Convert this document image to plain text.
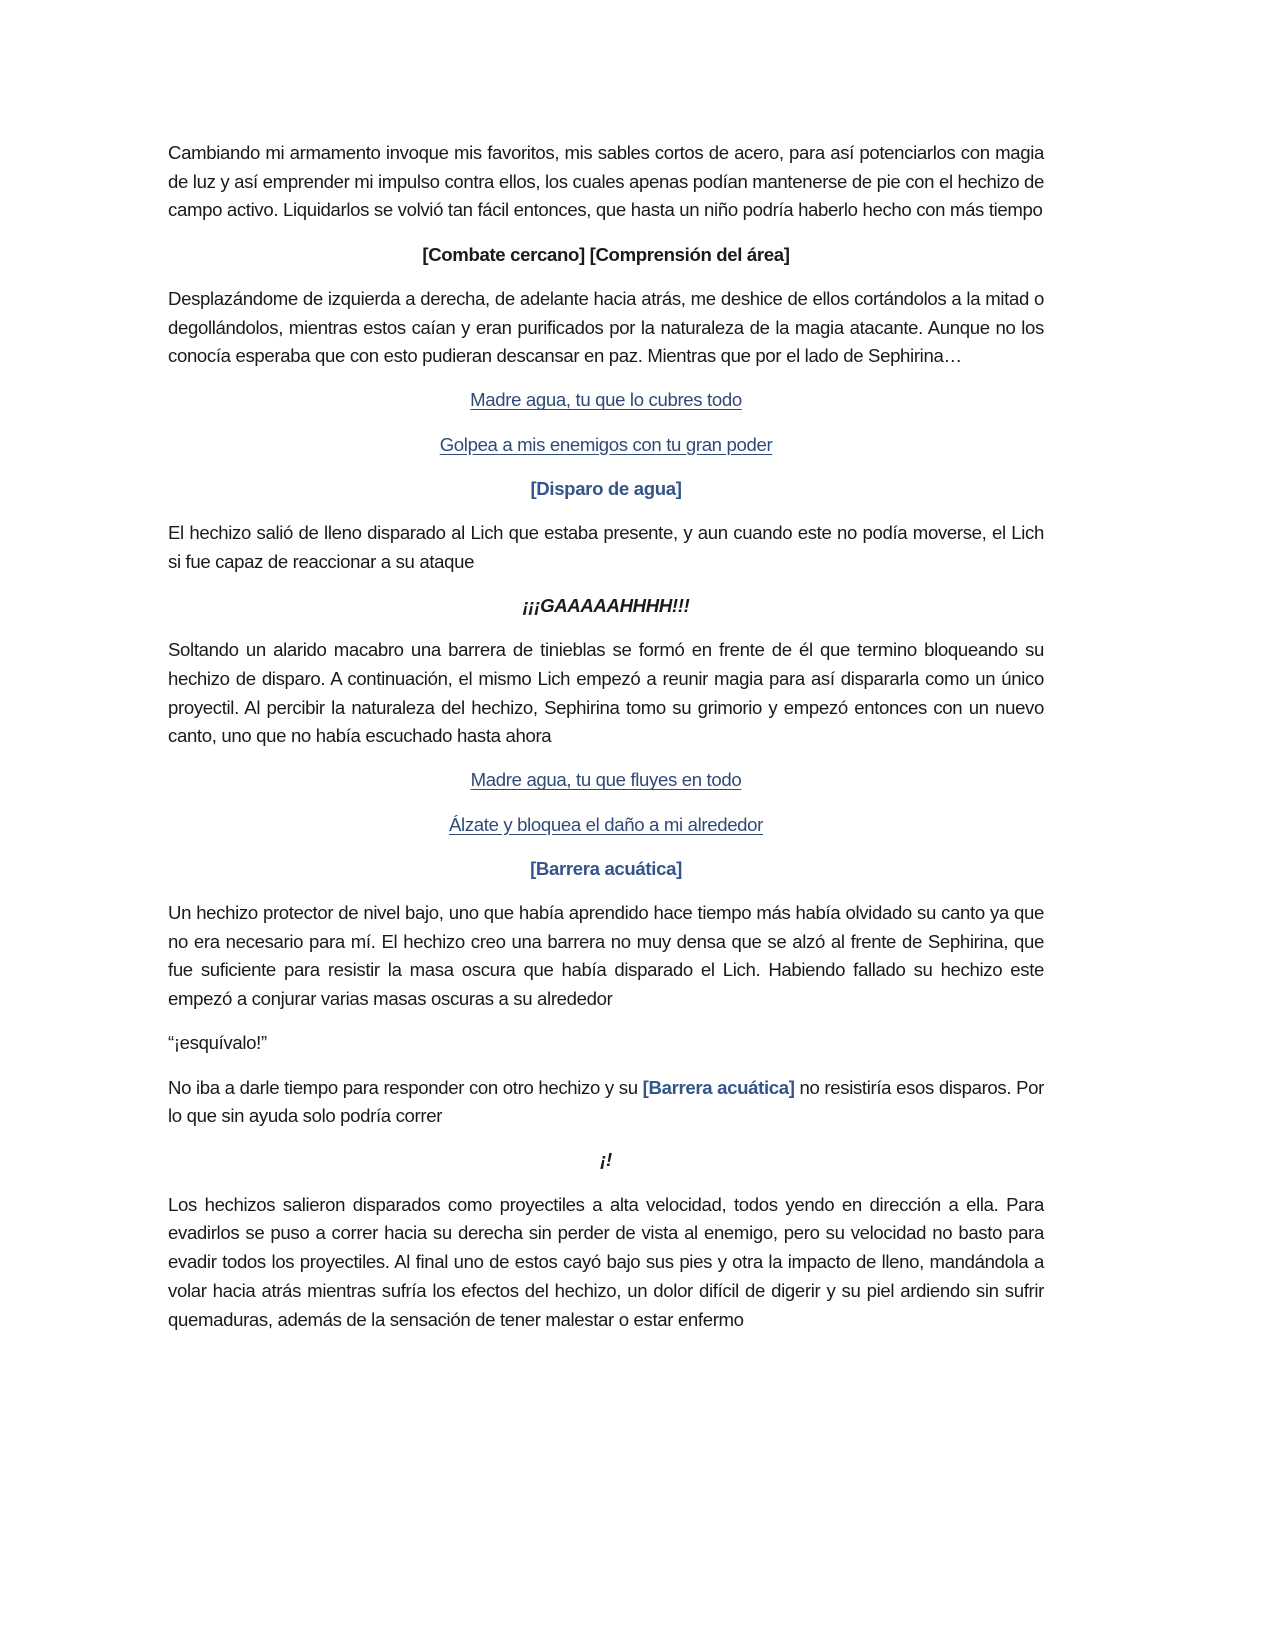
Cambiando mi armamento invoque mis favoritos, mis sables cortos de acero, para así potenciarlos con magia de luz y así emprender mi impulso contra ellos, los cuales apenas podían mantenerse de pie con el hechizo de campo activo. Liquidarlos se volvió tan fácil entonces, que hasta un niño podría haberlo hecho con más tiempo

[Combate cercano] [Comprensión del área]

Desplazándome de izquierda a derecha, de adelante hacia atrás, me deshice de ellos cortándolos a la mitad o degollándolos, mientras estos caían y eran purificados por la naturaleza de la magia atacante. Aunque no los conocía esperaba que con esto pudieran descansar en paz. Mientras que por el lado de Sephirina…

Madre agua, tu que lo cubres todo

Golpea a mis enemigos con tu gran poder

[Disparo de agua]

El hechizo salió de lleno disparado al Lich que estaba presente, y aun cuando este no podía moverse, el Lich si fue capaz de reaccionar a su ataque

¡¡¡GAAAAAHHHH!!!

Soltando un alarido macabro una barrera de tinieblas se formó en frente de él que termino bloqueando su hechizo de disparo. A continuación, el mismo Lich empezó a reunir magia para así dispararla como un único proyectil. Al percibir la naturaleza del hechizo, Sephirina tomo su grimorio y empezó entonces con un nuevo canto, uno que no había escuchado hasta ahora

Madre agua, tu que fluyes en todo

Álzate y bloquea el daño a mi alrededor

[Barrera acuática]

Un hechizo protector de nivel bajo, uno que había aprendido hace tiempo más había olvidado su canto ya que no era necesario para mí. El hechizo creo una barrera no muy densa que se alzó al frente de Sephirina, que fue suficiente para resistir la masa oscura que había disparado el Lich. Habiendo fallado su hechizo este empezó a conjurar varias masas oscuras a su alrededor

“¡esquívalo!”

No iba a darle tiempo para responder con otro hechizo y su [Barrera acuática] no resistiría esos disparos. Por lo que sin ayuda solo podría correr

¡!

Los hechizos salieron disparados como proyectiles a alta velocidad, todos yendo en dirección a ella. Para evadirlos se puso a correr hacia su derecha sin perder de vista al enemigo, pero su velocidad no basto para evadir todos los proyectiles. Al final uno de estos cayó bajo sus pies y otra la impacto de lleno, mandándola a volar hacia atrás mientras sufría los efectos del hechizo, un dolor difícil de digerir y su piel ardiendo sin sufrir quemaduras, además de la sensación de tener malestar o estar enfermo
